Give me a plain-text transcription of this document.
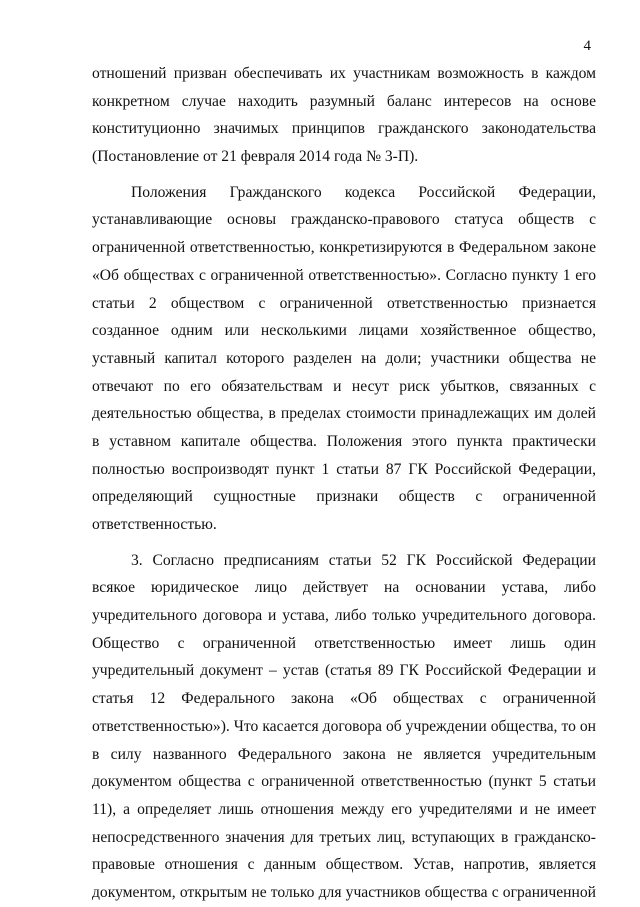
4
отношений призван обеспечивать их участникам возможность в каждом
конкретном случае находить разумный баланс интересов на основе
конституционно значимых принципов гражданского законодательства
(Постановление от 21 февраля 2014 года № 3-П).
Положения Гражданского кодекса Российской Федерации,
устанавливающие основы гражданско-правового статуса обществ с
ограниченной ответственностью, конкретизируются в Федеральном законе
«Об обществах с ограниченной ответственностью». Согласно пункту 1 его
статьи 2 обществом с ограниченной ответственностью признается
созданное одним или несколькими лицами хозяйственное общество,
уставный капитал которого разделен на доли; участники общества не
отвечают по его обязательствам и несут риск убытков, связанных с
деятельностью общества, в пределах стоимости принадлежащих им долей
в уставном капитале общества. Положения этого пункта практически
полностью воспроизводят пункт 1 статьи 87 ГК Российской Федерации,
определяющий сущностные признаки обществ с ограниченной
ответственностью.
3. Согласно предписаниям статьи 52 ГК Российской Федерации
всякое юридическое лицо действует на основании устава, либо
учредительного договора и устава, либо только учредительного договора.
Общество с ограниченной ответственностью имеет лишь один
учредительный документ – устав (статья 89 ГК Российской Федерации и
статья 12 Федерального закона «Об обществах с ограниченной
ответственностью»). Что касается договора об учреждении общества, то он
в силу названного Федерального закона не является учредительным
документом общества с ограниченной ответственностью (пункт 5 статьи
11), а определяет лишь отношения между его учредителями и не имеет
непосредственного значения для третьих лиц, вступающих в гражданско-
правовые отношения с данным обществом. Устав, напротив, является
документом, открытым не только для участников общества с ограниченной
